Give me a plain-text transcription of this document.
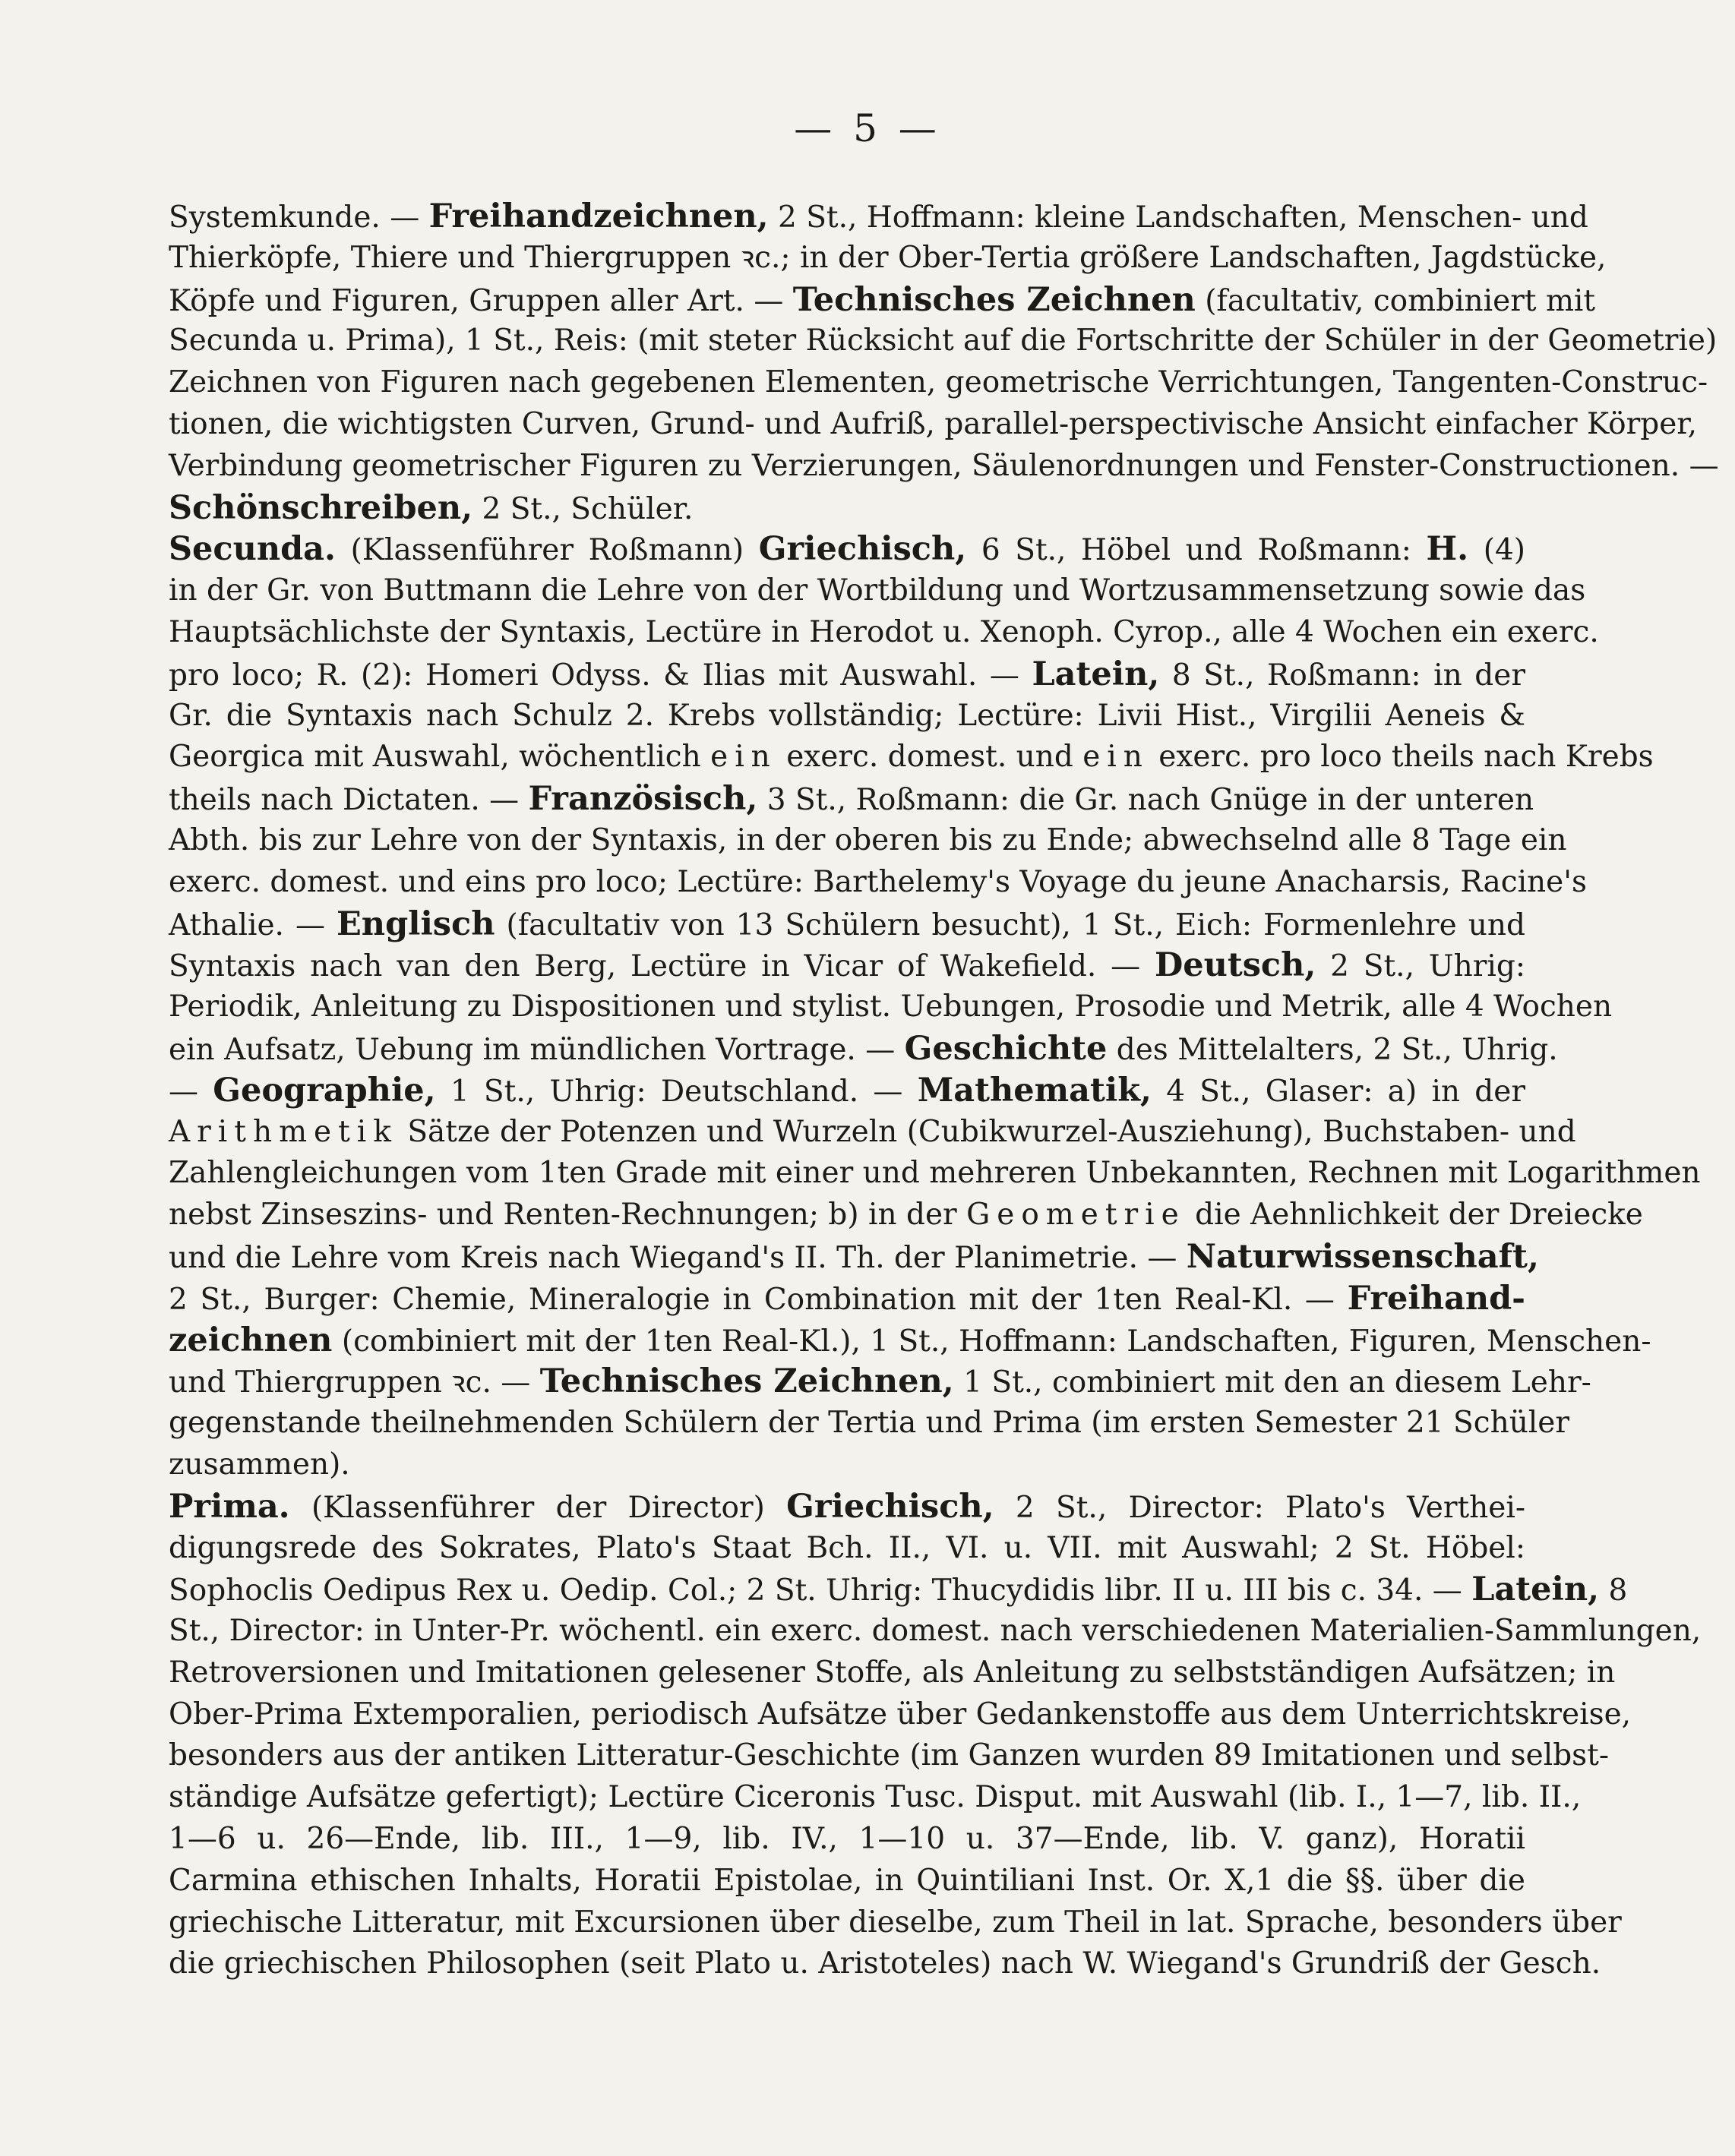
— 5 —
Systemkunde. — Freihandzeichnen, 2 St., Hoffmann: kleine Landschaften, Menschen- und
Thierköpfe, Thiere und Thiergruppen ꝛc.; in der Ober-Tertia größere Landschaften, Jagdstücke,
Köpfe und Figuren, Gruppen aller Art. — Technisches Zeichnen (facultativ, combiniert mit
Secunda u. Prima), 1 St., Reis: (mit steter Rücksicht auf die Fortschritte der Schüler in der Geometrie)
Zeichnen von Figuren nach gegebenen Elementen, geometrische Verrichtungen, Tangenten-Construc-
tionen, die wichtigsten Curven, Grund- und Aufriß, parallel-perspectivische Ansicht einfacher Körper,
Verbindung geometrischer Figuren zu Verzierungen, Säulenordnungen und Fenster-Constructionen. —
Schönschreiben, 2 St., Schüler.
Secunda. (Klassenführer Roßmann) Griechisch, 6 St., Höbel und Roßmann: H. (4)
in der Gr. von Buttmann die Lehre von der Wortbildung und Wortzusammensetzung sowie das
Hauptsächlichste der Syntaxis, Lectüre in Herodot u. Xenoph. Cyrop., alle 4 Wochen ein exerc.
pro loco; R. (2): Homeri Odyss. & Ilias mit Auswahl. — Latein, 8 St., Roßmann: in der
Gr. die Syntaxis nach Schulz 2. Krebs vollständig; Lectüre: Livii Hist., Virgilii Aeneis &
Georgica mit Auswahl, wöchentlich ein exerc. domest. und ein exerc. pro loco theils nach Krebs
theils nach Dictaten. — Französisch, 3 St., Roßmann: die Gr. nach Gnüge in der unteren
Abth. bis zur Lehre von der Syntaxis, in der oberen bis zu Ende; abwechselnd alle 8 Tage ein
exerc. domest. und eins pro loco; Lectüre: Barthelemy's Voyage du jeune Anacharsis, Racine's
Athalie. — Englisch (facultativ von 13 Schülern besucht), 1 St., Eich: Formenlehre und
Syntaxis nach van den Berg, Lectüre in Vicar of Wakefield. — Deutsch, 2 St., Uhrig:
Periodik, Anleitung zu Dispositionen und stylist. Uebungen, Prosodie und Metrik, alle 4 Wochen
ein Aufsatz, Uebung im mündlichen Vortrage. — Geschichte des Mittelalters, 2 St., Uhrig.
— Geographie, 1 St., Uhrig: Deutschland. — Mathematik, 4 St., Glaser: a) in der
Arithmetik Sätze der Potenzen und Wurzeln (Cubikwurzel-Ausziehung), Buchstaben- und
Zahlengleichungen vom 1ten Grade mit einer und mehreren Unbekannten, Rechnen mit Logarithmen
nebst Zinseszins- und Renten-Rechnungen; b) in der Geometrie die Aehnlichkeit der Dreiecke
und die Lehre vom Kreis nach Wiegand's II. Th. der Planimetrie. — Naturwissenschaft,
2 St., Burger: Chemie, Mineralogie in Combination mit der 1ten Real-Kl. — Freihand-
zeichnen (combiniert mit der 1ten Real-Kl.), 1 St., Hoffmann: Landschaften, Figuren, Menschen-
und Thiergruppen ꝛc. — Technisches Zeichnen, 1 St., combiniert mit den an diesem Lehr-
gegenstande theilnehmenden Schülern der Tertia und Prima (im ersten Semester 21 Schüler
zusammen).
Prima. (Klassenführer der Director) Griechisch, 2 St., Director: Plato's Verthei-
digungsrede des Sokrates, Plato's Staat Bch. II., VI. u. VII. mit Auswahl; 2 St. Höbel:
Sophoclis Oedipus Rex u. Oedip. Col.; 2 St. Uhrig: Thucydidis libr. II u. III bis c. 34. — Latein, 8
St., Director: in Unter-Pr. wöchentl. ein exerc. domest. nach verschiedenen Materialien-Sammlungen,
Retroversionen und Imitationen gelesener Stoffe, als Anleitung zu selbstständigen Aufsätzen; in
Ober-Prima Extemporalien, periodisch Aufsätze über Gedankenstoffe aus dem Unterrichtskreise,
besonders aus der antiken Litteratur-Geschichte (im Ganzen wurden 89 Imitationen und selbst-
ständige Aufsätze gefertigt); Lectüre Ciceronis Tusc. Disput. mit Auswahl (lib. I., 1—7, lib. II.,
1—6 u. 26—Ende, lib. III., 1—9, lib. IV., 1—10 u. 37—Ende, lib. V. ganz), Horatii
Carmina ethischen Inhalts, Horatii Epistolae, in Quintiliani Inst. Or. X,1 die §§. über die
griechische Litteratur, mit Excursionen über dieselbe, zum Theil in lat. Sprache, besonders über
die griechischen Philosophen (seit Plato u. Aristoteles) nach W. Wiegand's Grundriß der Gesch.
